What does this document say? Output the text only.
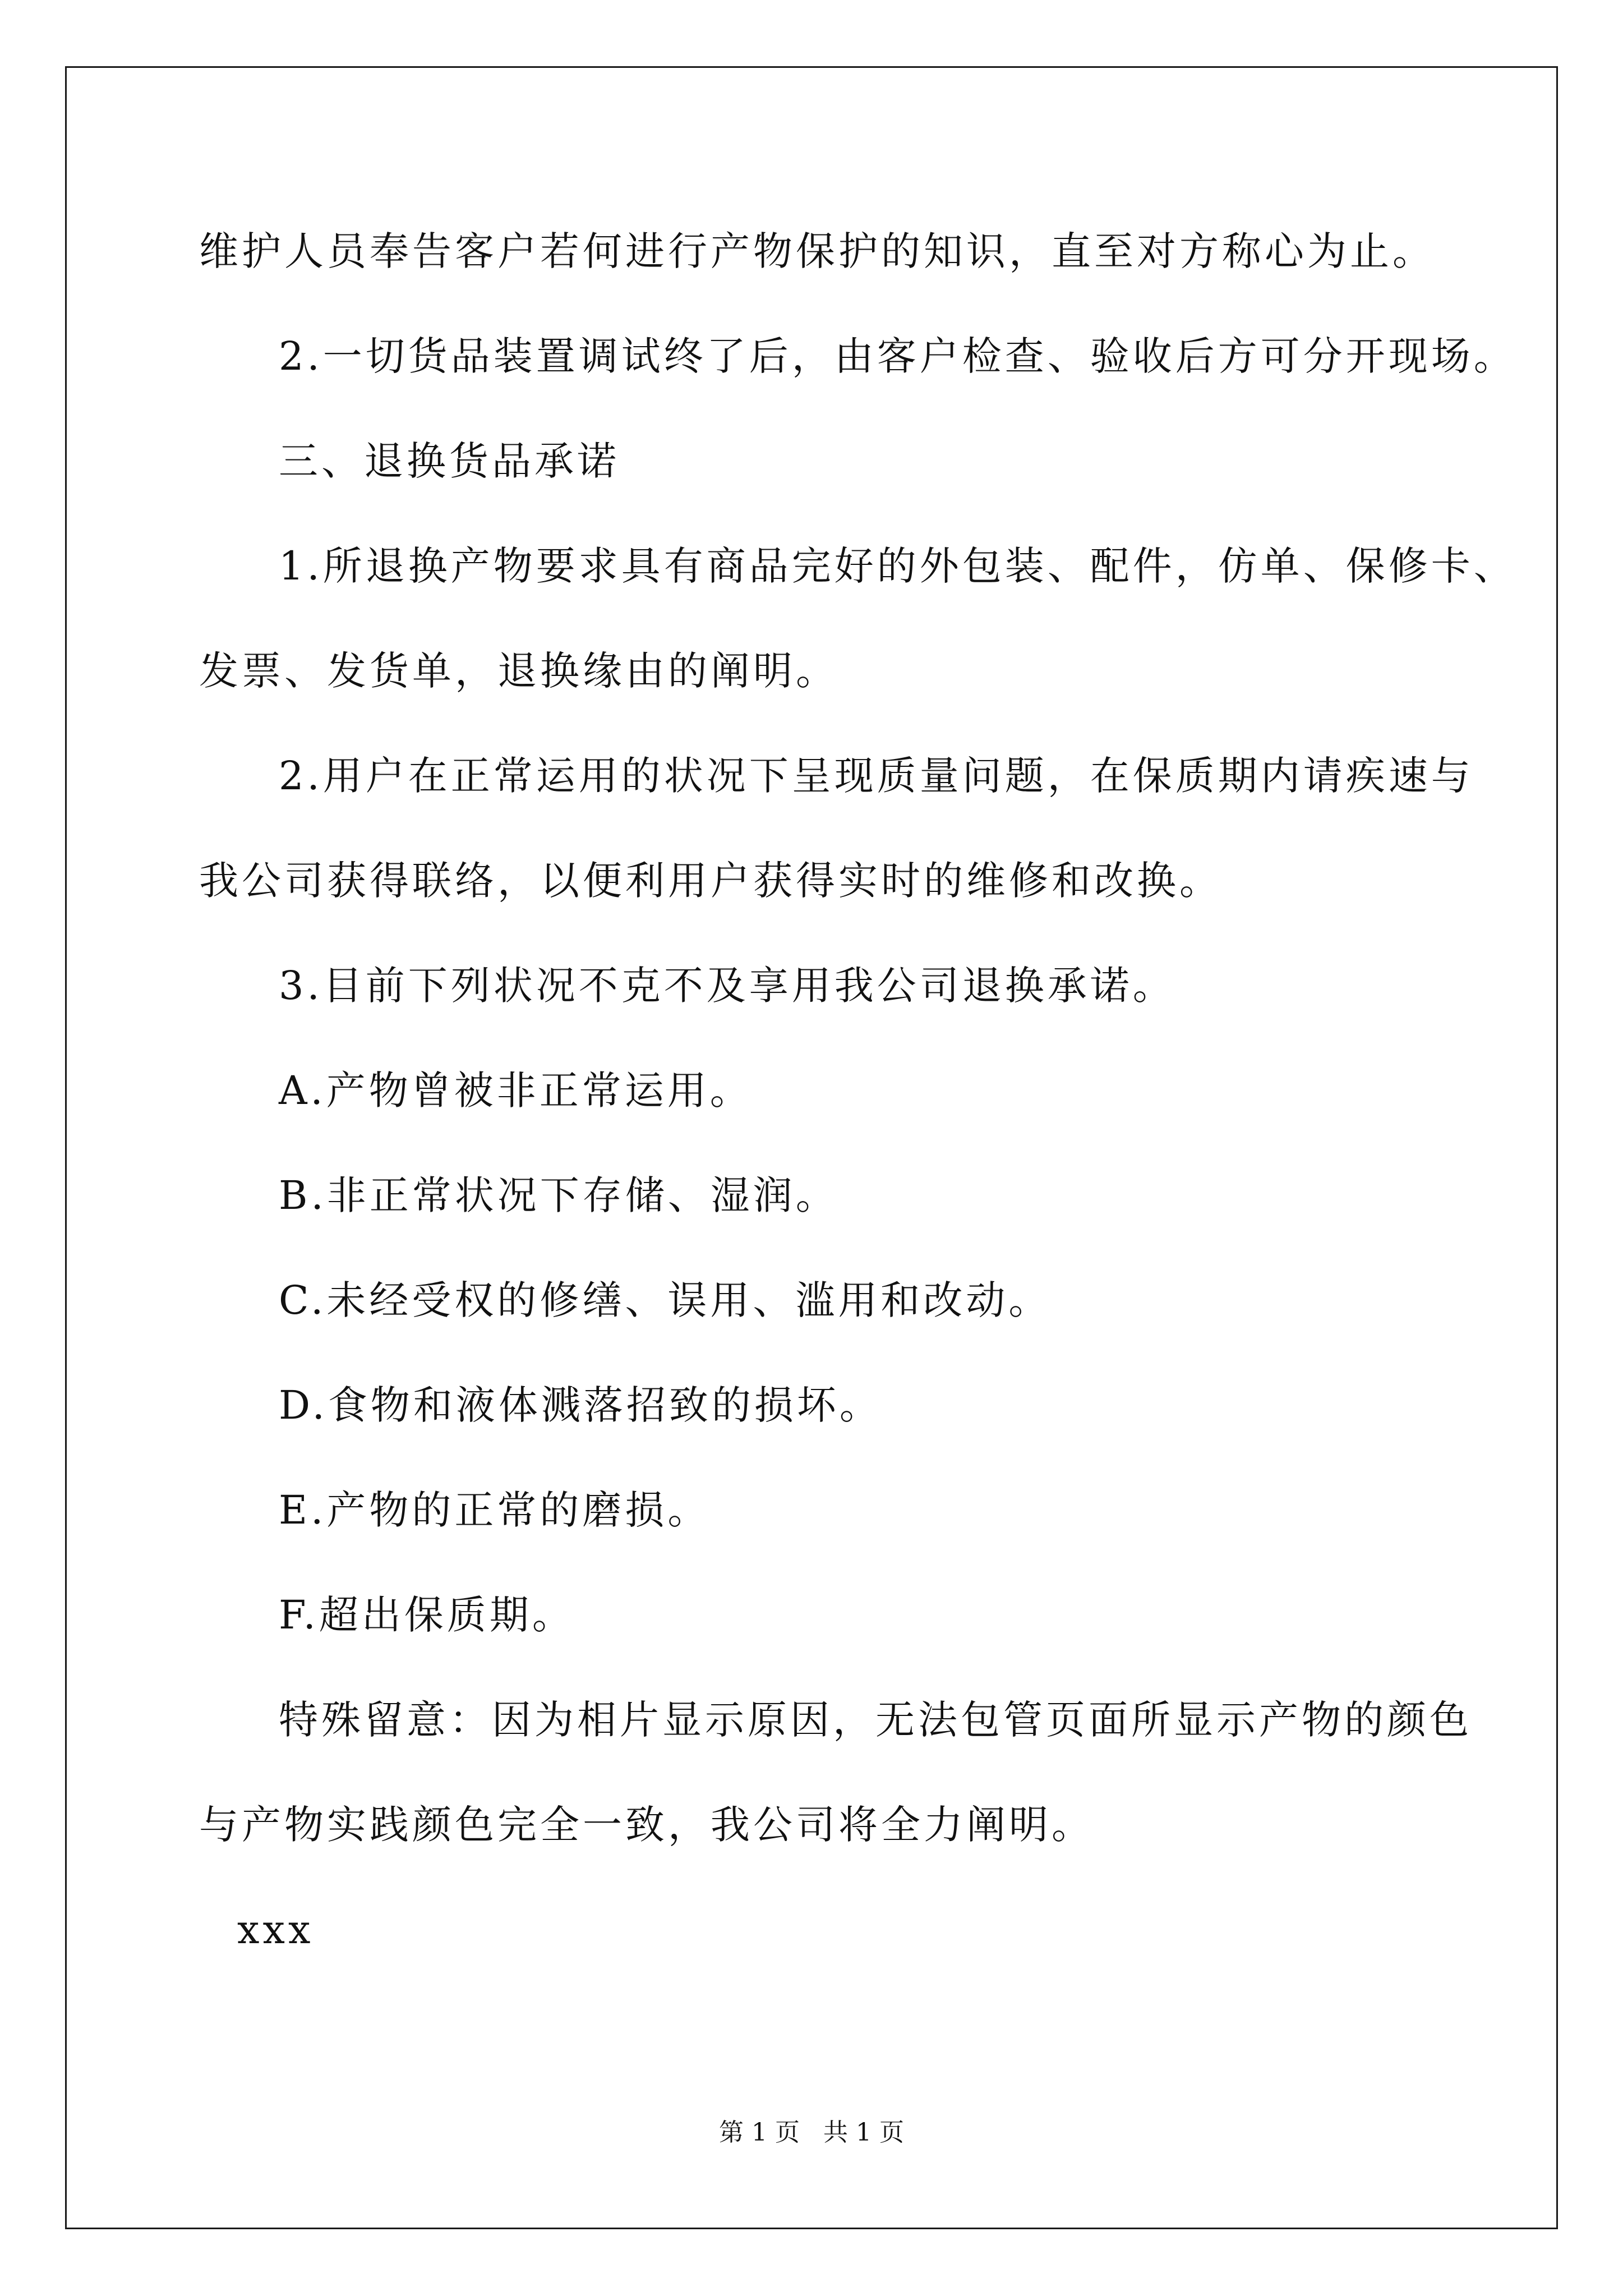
维护人员奉告客户若何进行产物保护的知识，直至对方称心为止。
2.一切货品装置调试终了后，由客户检查、验收后方可分开现场。
三、退换货品承诺
1.所退换产物要求具有商品完好的外包装、配件，仿单、保修卡、
发票、发货单，退换缘由的阐明。
2.用户在正常运用的状况下呈现质量问题，在保质期内请疾速与
我公司获得联络，以便利用户获得实时的维修和改换。
3.目前下列状况不克不及享用我公司退换承诺。
A.产物曾被非正常运用。
B.非正常状况下存储、湿润。
C.未经受权的修缮、误用、滥用和改动。
D.食物和液体溅落招致的损坏。
E.产物的正常的磨损。
F.超出保质期。
特殊留意：因为相片显示原因，无法包管页面所显示产物的颜色
与产物实践颜色完全一致，我公司将全力阐明。
xxx
第 1 页   共 1 页
